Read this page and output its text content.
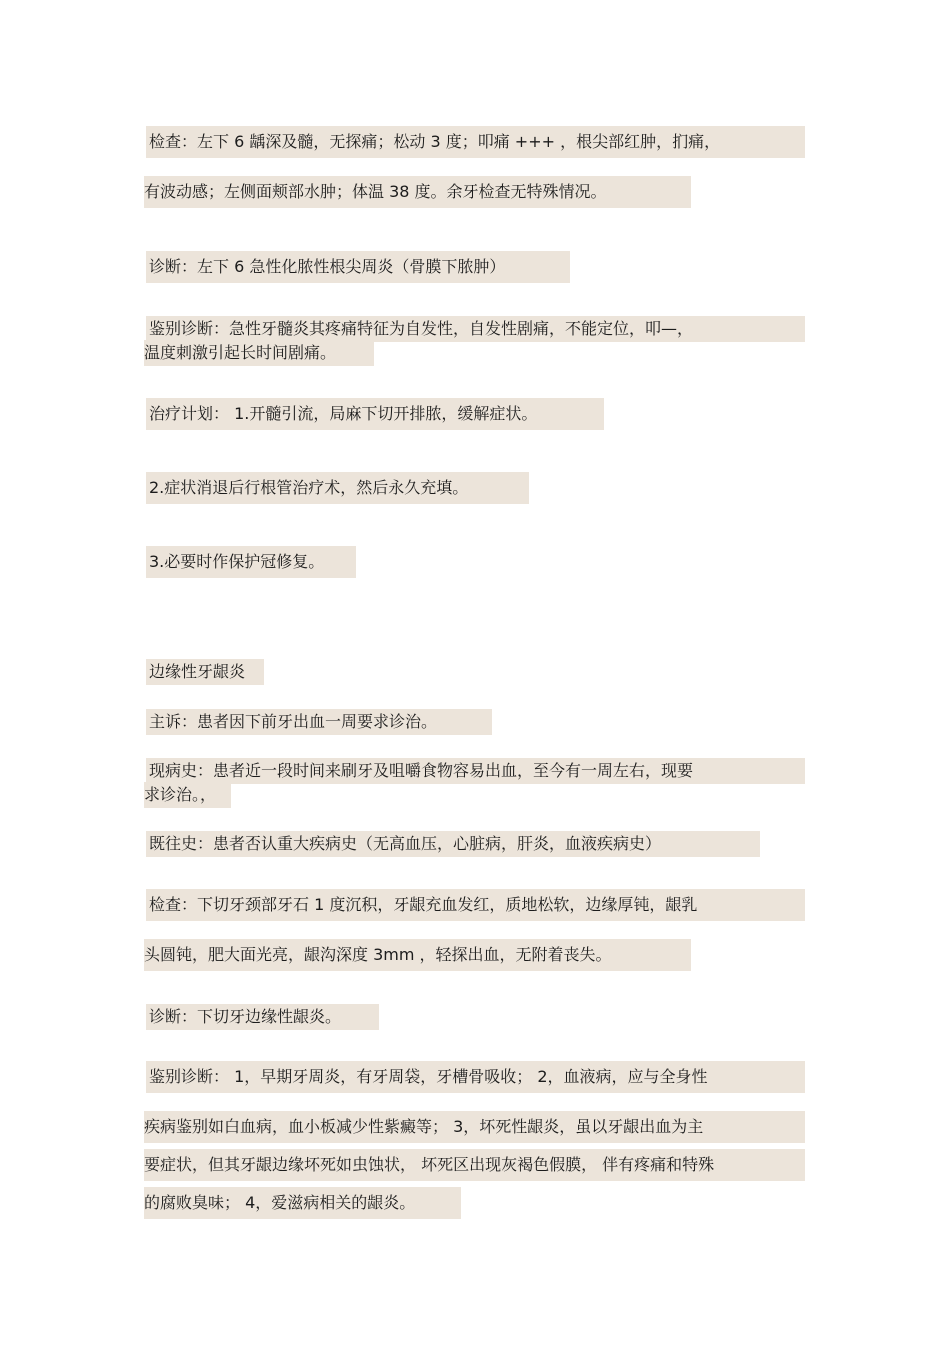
检查：左下 6 龋深及髓，无探痛；松动 3 度；叩痛 +++ ，根尖部红肿，扪痛，
有波动感；左侧面颊部水肿；体温 38 度。余牙检查无特殊情况。
诊断：左下 6 急性化脓性根尖周炎（骨膜下脓肿）
鉴别诊断：急性牙髓炎其疼痛特征为自发性，自发性剧痛，不能定位，叩—，
温度刺激引起长时间剧痛。
治疗计划： 1.开髓引流，局麻下切开排脓，缓解症状。
2.症状消退后行根管治疗术，然后永久充填。
3.必要时作保护冠修复。
边缘性牙龈炎
主诉：患者因下前牙出血一周要求诊治。
现病史：患者近一段时间来刷牙及咀嚼食物容易出血，至今有一周左右，现要
求诊治。，
既往史：患者否认重大疾病史（无高血压，心脏病，肝炎，血液疾病史）
检查：下切牙颈部牙石 1 度沉积，牙龈充血发红，质地松软，边缘厚钝，龈乳
头圆钝，肥大面光亮，龈沟深度 3mm ，轻探出血，无附着丧失。
诊断：下切牙边缘性龈炎。
鉴别诊断： 1，早期牙周炎，有牙周袋，牙槽骨吸收； 2，血液病，应与全身性
疾病鉴别如白血病，血小板减少性紫癜等； 3，坏死性龈炎，虽以牙龈出血为主
要症状，但其牙龈边缘坏死如虫蚀状， 坏死区出现灰褐色假膜， 伴有疼痛和特殊
的腐败臭味； 4，爱滋病相关的龈炎。
